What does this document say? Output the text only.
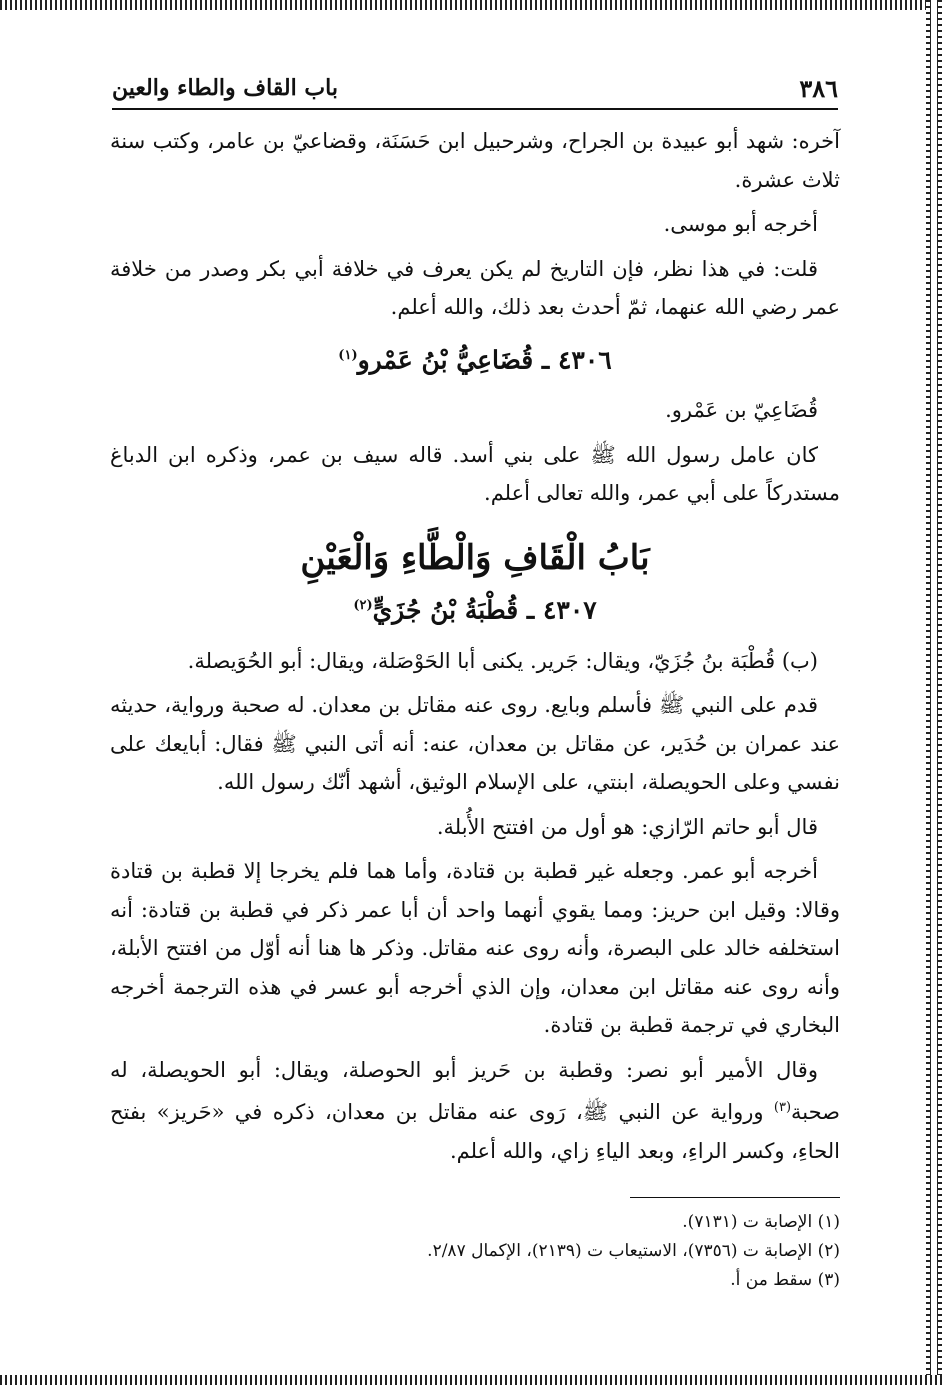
٣٨٦
باب القاف والطاء والعين

آخره: شهد أبو عبيدة بن الجراح، وشرحبيل ابن حَسَنَة، وقضاعيّ بن عامر، وكتب سنة ثلاث عشرة.

أخرجه أبو موسى.

قلت: في هذا نظر، فإن التاريخ لم يكن يعرف في خلافة أبي بكر وصدر من خلافة عمر رضي الله عنهما، ثمّ أحدث بعد ذلك، والله أعلم.

٤٣٠٦ ـ قُضَاعِيُّ بْنُ عَمْرو$^{(١)}$

قُضَاعِيّ بن عَمْرو.

كان عامل رسول الله ﷺ على بني أسد. قاله سيف بن عمر، وذكره ابن الدباغ مستدركاً على أبي عمر، والله تعالى أعلم.

بَابُ الْقَافِ وَالْطَّاءِ وَالْعَيْنِ
٤٣٠٧ ـ قُطْبَةُ بْنُ جُزَيٍّ$^{(٢)}$

(ب) قُطْبَة بنُ جُزَيّ، ويقال: جَرير. يكنى أبا الحَوْصَلة، ويقال: أبو الحُوَيصلة.

قدم على النبي ﷺ فأسلم وبايع. روى عنه مقاتل بن معدان. له صحبة ورواية، حديثه عند عمران بن حُدَير، عن مقاتل بن معدان، عنه: أنه أتى النبي ﷺ فقال: أبايعك على نفسي وعلى الحويصلة، ابنتي، على الإسلام الوثيق، أشهد أنّك رسول الله.

قال أبو حاتم الرّازي: هو أول من افتتح الأُبلة.

أخرجه أبو عمر. وجعله غير قطبة بن قتادة، وأما هما فلم يخرجا إلا قطبة بن قتادة وقالا: وقيل ابن حريز: ومما يقوي أنهما واحد أن أبا عمر ذكر في قطبة بن قتادة: أنه استخلفه خالد على البصرة، وأنه روى عنه مقاتل. وذكر ها هنا أنه أوّل من افتتح الأبلة، وأنه روى عنه مقاتل ابن معدان، وإن الذي أخرجه أبو عسر في هذه الترجمة أخرجه البخاري في ترجمة قطبة بن قتادة.

وقال الأمير أبو نصر: وقطبة بن حَريز أبو الحوصلة، ويقال: أبو الحويصلة، له صحبة$^{(٣)}$ ورواية عن النبي ﷺ، رَوى عنه مقاتل بن معدان، ذكره في «حَريز» بفتح الحاءِ، وكسر الراءِ، وبعد الياءِ زاي، والله أعلم.

(١) الإصابة ت (٧١٣١).
(٢) الإصابة ت (٧٣٥٦)، الاستيعاب ت (٢١٣٩)، الإكمال ٢/٨٧.
(٣) سقط من أ.
